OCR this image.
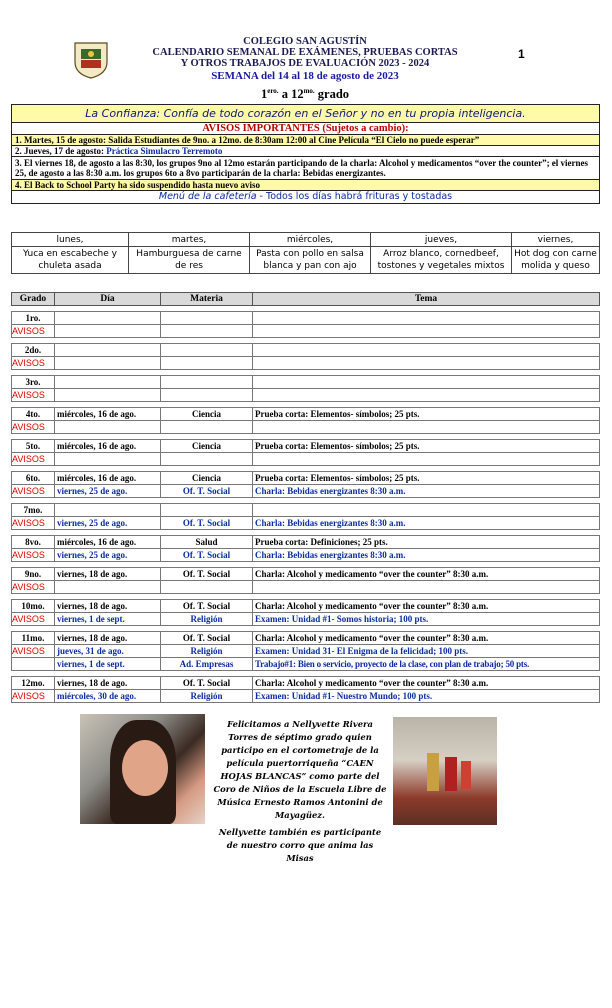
COLEGIO SAN AGUSTÍN
CALENDARIO SEMANAL DE EXÁMENES, PRUEBAS CORTAS
Y OTROS TRABAJOS DE EVALUACIÓN 2023 - 2024
SEMANA del 14 al 18 de agosto de 2023
$1^{ero.}$ a $12^{mo.}$ grado
1
La Confianza: Confía de todo corazón en el Señor y no en tu propia inteligencia.
AVISOS IMPORTANTES (Sujetos a cambio):
1. Martes, 15 de agosto: Salida Estudiantes de 9no. a 12mo. de 8:30am 12:00 al Cine Película “El Cielo no puede esperar”
2. Jueves, 17 de agosto: Práctica Simulacro Terremoto
3. El viernes 18, de agosto a las 8:30, los grupos 9no al 12mo estarán participando de la charla: Alcohol y medicamentos “over the counter”; el viernes 25, de agosto a las 8:30 a.m. los grupos 6to a 8vo participarán de la charla: Bebidas energizantes.
4. El Back to School Party ha sido suspendido hasta nuevo aviso
Menú de la cafetería - Todos los días habrá frituras y tostadas
lunes,	martes,	miércoles,	jueves,	viernes,
Yuca en escabeche y chuleta asada	Hamburguesa de carne de res	Pasta con pollo en salsa blanca y pan con ajo	Arroz blanco, cornedbeef, tostones y vegetales mixtos	Hot dog con carne molida y queso
Grado	Día	Materia	Tema

1ro.			
AVISOS			

2do.			
AVISOS			

3ro.			
AVISOS			

4to.	miércoles, 16 de ago.	Ciencia	Prueba corta: Elementos- símbolos; 25 pts.
AVISOS			

5to.	miércoles, 16 de ago.	Ciencia	Prueba corta: Elementos- símbolos; 25 pts.
AVISOS			

6to.	miércoles, 16 de ago.	Ciencia	Prueba corta: Elementos- símbolos; 25 pts.
AVISOS	viernes, 25 de ago.	Of. T. Social	Charla: Bebidas energizantes 8:30 a.m.

7mo.			
AVISOS	viernes, 25 de ago.	Of. T. Social	Charla: Bebidas energizantes 8:30 a.m.

8vo.	miércoles, 16 de ago.	Salud	Prueba corta: Definiciones; 25 pts.
AVISOS	viernes, 25 de ago.	Of. T. Social	Charla: Bebidas energizantes 8:30 a.m.

9no.	viernes, 18 de ago.	Of. T. Social	Charla: Alcohol y medicamento “over the counter” 8:30 a.m.
AVISOS			

10mo.	viernes, 18 de ago.	Of. T. Social	Charla: Alcohol y medicamento “over the counter” 8:30 a.m.
AVISOS	viernes, 1 de sept.	Religión	Examen: Unidad #1- Somos historia; 100 pts.

11mo.	viernes, 18 de ago.	Of. T. Social	Charla: Alcohol y medicamento “over the counter” 8:30 a.m.
AVISOS	jueves, 31 de ago.	Religión	Examen: Unidad 31- El Enigma de la felicidad; 100 pts.
	viernes, 1 de sept.	Ad. Empresas	Trabajo#1: Bien o servicio, proyecto de la clase, con plan de trabajo; 50 pts.

12mo.	viernes, 18 de ago.	Of. T. Social	Charla: Alcohol y medicamento “over the counter” 8:30 a.m.
AVISOS	miércoles, 30 de ago.	Religión	Examen: Unidad #1- Nuestro Mundo; 100 pts.
Felicitamos a Nellyvette Rivera Torres de séptimo grado quien participo en el cortometraje de la película puertorriqueña “CAEN HOJAS BLANCAS” como parte del Coro de Niños de la Escuela Libre de Música Ernesto Ramos Antonini de Mayagüez.
Nellyvette también es participante de nuestro corro que anima las Misas
